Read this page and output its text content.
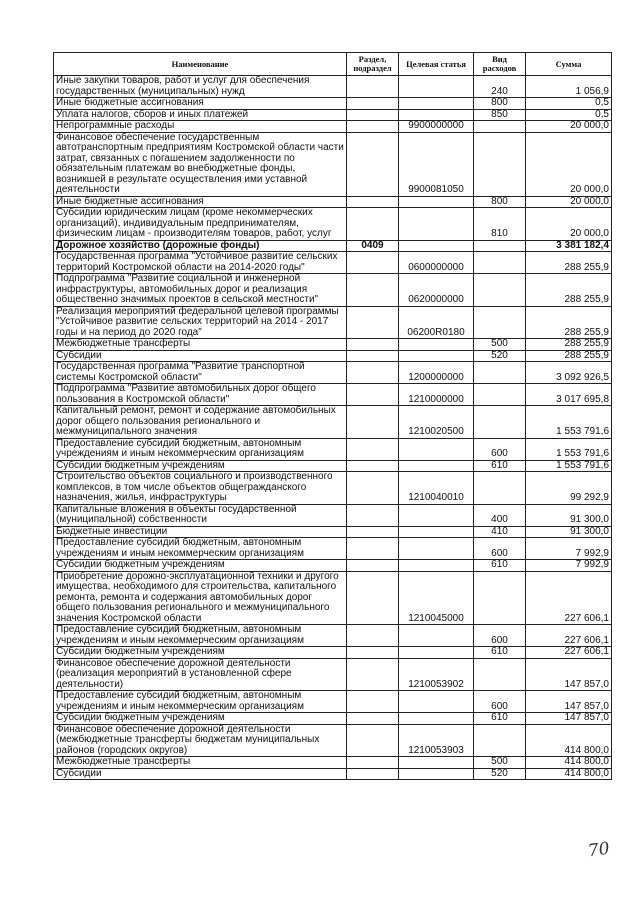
Наименование	Раздел, подраздел	Целевая статья	Вид расходов	Сумма
Иные закупки товаров, работ и услуг для обеспечения государственных (муниципальных) нужд			240	1 056,9
Иные бюджетные ассигнования			800	0,5
Уплата налогов, сборов и иных платежей			850	0,5
Непрограммные расходы		9900000000		20 000,0
Финансовое обеспечение государственным автотранспортным предприятиям Костромской области части затрат, связанных с погашением задолженности по обязательным платежам во внебюджетные фонды, возникшей в результате осуществления ими уставной деятельности		9900081050		20 000,0
Иные бюджетные ассигнования			800	20 000,0
Субсидии юридическим лицам (кроме некоммерческих организаций), индивидуальным предпринимателям, физическим лицам - производителям товаров, работ, услуг			810	20 000,0
Дорожное хозяйство (дорожные фонды)	0409			3 381 182,4
Государственная программа "Устойчивое развитие сельских территорий Костромской области на 2014-2020 годы"		0600000000		288 255,9
Подпрограмма "Развитие социальной и инженерной инфраструктуры, автомобильных дорог и реализация общественно значимых проектов в сельской местности"		0620000000		288 255,9
Реализация мероприятий федеральной целевой программы "Устойчивое развитие сельских территорий на 2014 - 2017 годы и на период до 2020 года"		06200R0180		288 255,9
Межбюджетные трансферты			500	288 255,9
Субсидии			520	288 255,9
Государственная программа "Развитие транспортной системы Костромской области"		1200000000		3 092 926,5
Подпрограмма "Развитие автомобильных дорог общего пользования в Костромской области"		1210000000		3 017 695,8
Капитальный ремонт, ремонт и содержание автомобильных дорог общего пользования регионального и межмуниципального значения		1210020500		1 553 791,6
Предоставление субсидий бюджетным, автономным учреждениям и иным некоммерческим организациям			600	1 553 791,6
Субсидии бюджетным учреждениям			610	1 553 791,6
Строительство объектов социального и производственного комплексов, в том числе объектов общегражданского назначения, жилья, инфраструктуры		1210040010		99 292,9
Капитальные вложения в объекты государственной (муниципальной) собственности			400	91 300,0
Бюджетные инвестиции			410	91 300,0
Предоставление субсидий бюджетным, автономным учреждениям и иным некоммерческим организациям			600	7 992,9
Субсидии бюджетным учреждениям			610	7 992,9
Приобретение дорожно-эксплуатационной техники и другого имущества, необходимого для строительства, капитального ремонта, ремонта и содержания автомобильных дорог общего пользования регионального и межмуниципального значения Костромской области		1210045000		227 606,1
Предоставление субсидий бюджетным, автономным учреждениям и иным некоммерческим организациям			600	227 606,1
Субсидии бюджетным учреждениям			610	227 606,1
Финансовое обеспечение дорожной деятельности (реализация мероприятий в установленной сфере деятельности)		1210053902		147 857,0
Предоставление субсидий бюджетным, автономным учреждениям и иным некоммерческим организациям			600	147 857,0
Субсидии бюджетным учреждениям			610	147 857,0
Финансовое обеспечение дорожной деятельности (межбюджетные трансферты бюджетам муниципальных районов (городских округов)		1210053903		414 800,0
Межбюджетные трансферты			500	414 800,0
Субсидии			520	414 800,0
70
